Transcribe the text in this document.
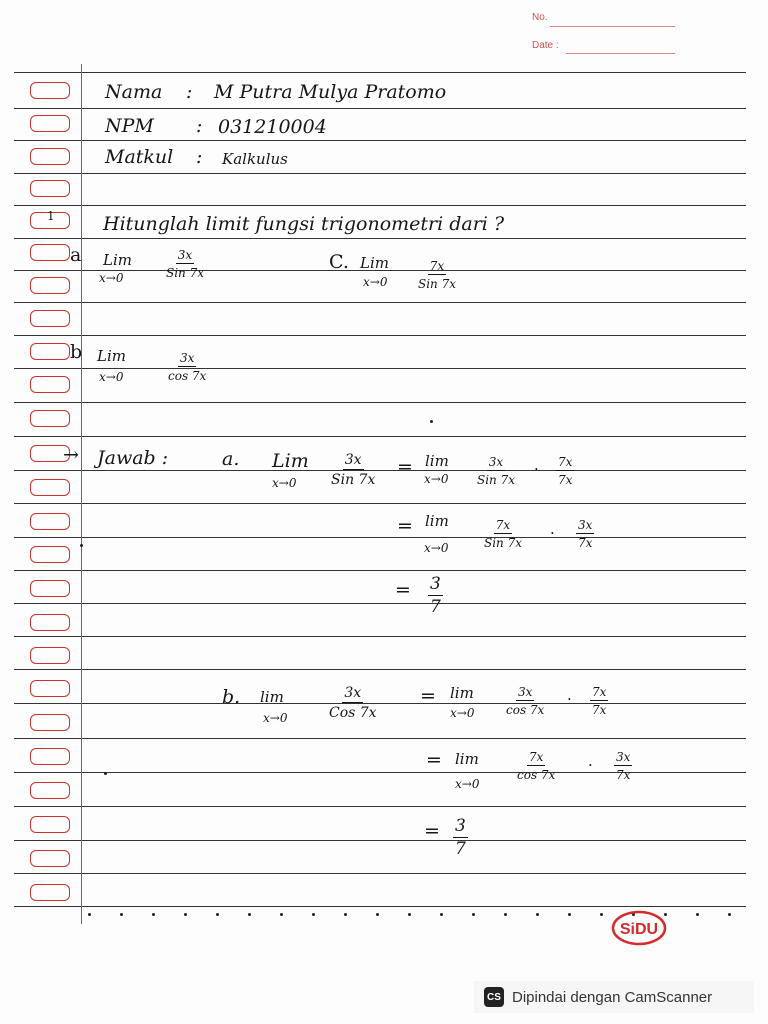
No.
Date :
Nama : M Putra Mulya Pratomo
NPM : 031210004
Matkul : Kalkulus
1	Hitunglah limit fungsi trigonometri dari ?
a Lim
x→0
3x
Sin 7x	C. Lim
x→0
7x
Sin 7x
b Lim
x→0	$\frac{3x}{\cos 7x}$
→ Jawab :	a. Lim
x→0
3x
Sin 7x
= lim
x→0
3x
Sin 7x
. $\frac{7x}{7x}$
= lim
x→0
7x
Sin 7x
. $\frac{3x}{7x}$
= $\frac{3}{7}$
b. lim
x→0
3x
Cos 7x
= lim
x→0	$\frac{3x}{\cos 7x}$ . $\frac{7x}{7x}$
= lim
x→0
$\frac{7x}{\cos 7x}$ . $\frac{3x}{7x}$
= $\frac{3}{7}$
SiDU
CS Dipindai dengan CamScanner
